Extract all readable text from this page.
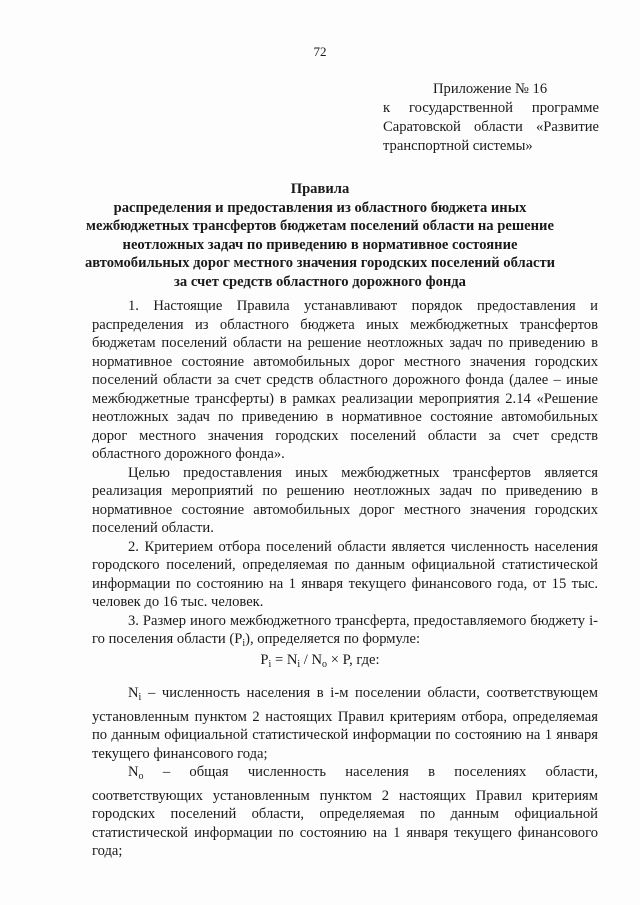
72
Приложение № 16
к государственной программе
Саратовской области «Развитие
транспортной системы»
Правила
распределения и предоставления из областного бюджета иных
межбюджетных трансфертов бюджетам поселений области на решение
неотложных задач по приведению в нормативное состояние
автомобильных дорог местного значения городских поселений области
за счет средств областного дорожного фонда

1. Настоящие Правила устанавливают порядок предоставления и распределения из областного бюджета иных межбюджетных трансфертов бюджетам поселений области на решение неотложных задач по приведению в нормативное состояние автомобильных дорог местного значения городских поселений области за счет средств областного дорожного фонда (далее – иные межбюджетные трансферты) в рамках реализации мероприятия 2.14 «Решение неотложных задач по приведению в нормативное состояние автомобильных дорог местного значения городских поселений области за счет средств областного дорожного фонда».

Целью предоставления иных межбюджетных трансфертов является реализация мероприятий по решению неотложных задач по приведению в нормативное состояние автомобильных дорог местного значения городских поселений области.

2. Критерием отбора поселений области является численность населения городского поселений, определяемая по данным официальной статистической информации по состоянию на 1 января текущего финансового года, от 15 тыс. человек до 16 тыс. человек.

3. Размер иного межбюджетного трансферта, предоставляемого бюджету i-го поселения области $(P_i)$, определяется по формуле:

$P_i = N_i / N_o \times P$, где:

$N_i$ – численность населения в i-м поселении области, соответствующем установленным пунктом 2 настоящих Правил критериям отбора, определяемая по данным официальной статистической информации по состоянию на 1 января текущего финансового года;

$N_o$ – общая численность населения в поселениях области, соответствующих установленным пунктом 2 настоящих Правил критериям городских поселений области, определяемая по данным официальной статистической информации по состоянию на 1 января текущего финансового года;
